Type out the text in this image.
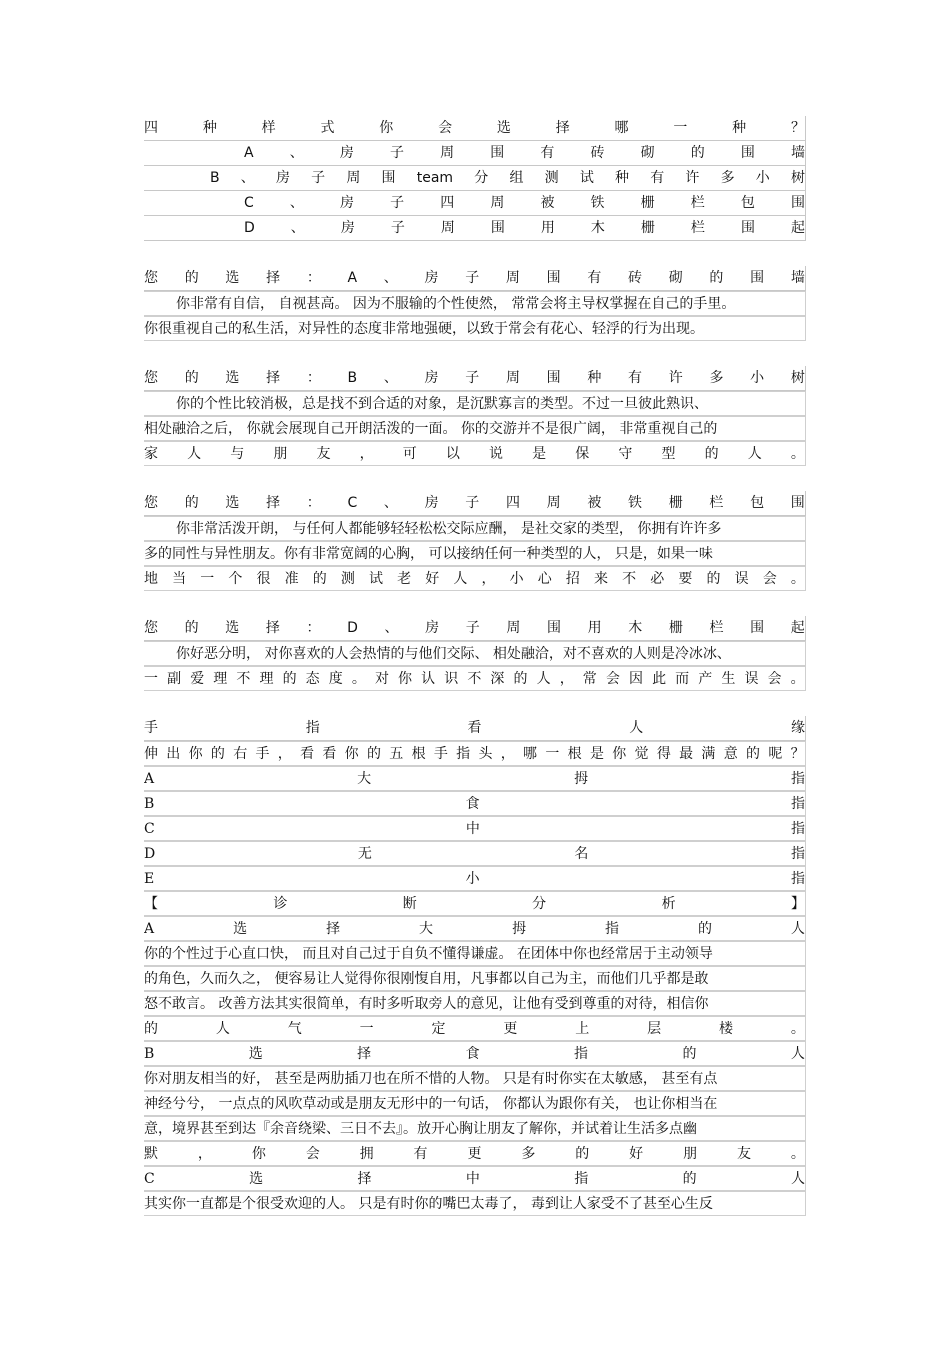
四	种	样	式	你	会	选	择	哪	一	种	？
A	、	房	子	周	围	有	砖	砌	的	围	墙
B 、 房 子 周 围 team 分 组 测 试 种 有 许 多 小 树
C	、	房	子	四	周	被	铁	栅	栏	包	围
D	、	房	子	周	围	用	木	栅	栏	围	起
您 的 选 择 ： A 、 房 子 周 围 有 砖 砌 的 围 墙
你非常有自信， 自视甚高。 因为不服输的个性使然， 常常会将主导权掌握在自己的手里。
你很重视自己的私生活，对异性的态度非常地强硬，以致于常会有花心、轻浮的行为出现。
您 的 选 择 ： B 、 房 子 周 围 种 有 许 多 小 树
你的个性比较消极，总是找不到合适的对象，是沉默寡言的类型。不过一旦彼此熟识、
相处融洽之后， 你就会展现自己开朗活泼的一面。 你的交游并不是很广阔， 非常重视自己的
家 人 与 朋 友 ， 可 以 说 是 保 守 型 的 人 。
您 的 选 择 ： C 、 房 子 四 周 被 铁 栅 栏 包 围
你非常活泼开朗， 与任何人都能够轻轻松松交际应酬， 是社交家的类型， 你拥有许许多
多的同性与异性朋友。你有非常宽阔的心胸， 可以接纳任何一种类型的人， 只是，如果一味
地 当 一 个 很 准 的 测 试 老 好 人 ， 小 心 招 来 不 必 要 的 误 会 。
您 的 选 择 ： D 、 房 子 周 围 用 木 栅 栏 围 起
你好恶分明， 对你喜欢的人会热情的与他们交际、 相处融洽，对不喜欢的人则是冷冰冰、
一 副 爱 理 不 理 的 态 度 。 对 你 认 识 不 深 的 人 ， 常 会 因 此 而 产 生 误 会 。
手	指	看	人	缘
伸 出 你 的 右 手 ， 看 看 你 的 五 根 手 指 头 ， 哪 一 根 是 你 觉 得 最 满 意 的 呢 ？
A	大	拇	指
B	食	指
C	中	指
D	无	名	指
E	小	指
【	诊	断	分	析	】
A	选	择	大	拇	指	的	人
你的个性过于心直口快， 而且对自己过于自负不懂得谦虚。 在团体中你也经常居于主动领导
的角色，久而久之， 便容易让人觉得你很刚愎自用，凡事都以自己为主，而他们几乎都是敢
怒不敢言。 改善方法其实很简单，有时多听取旁人的意见，让他有受到尊重的对待，相信你
的	人	气	一	定	更	上	层	楼	。
B	选	择	食	指	的	人
你对朋友相当的好， 甚至是两肋插刀也在所不惜的人物。 只是有时你实在太敏感， 甚至有点
神经兮兮， 一点点的风吹草动或是朋友无形中的一句话， 你都认为跟你有关， 也让你相当在
意，境界甚至到达『余音绕梁、三日不去』。放开心胸让朋友了解你，并试着让生活多点幽
默	，	你	会	拥	有	更	多	的	好	朋	友	。
C	选	择	中	指	的	人
其实你一直都是个很受欢迎的人。 只是有时你的嘴巴太毒了， 毒到让人家受不了甚至心生反
